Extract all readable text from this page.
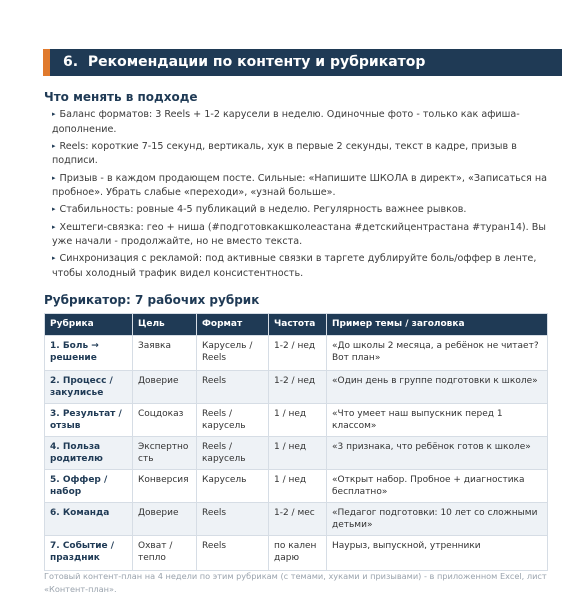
6. Рекомендации по контенту и рубрикатор
Что менять в подходе
▸ Баланс форматов: 3 Reels + 1-2 карусели в неделю. Одиночные фото - только как афиша-дополнение.
▸ Reels: короткие 7-15 секунд, вертикаль, хук в первые 2 секунды, текст в кадре, призыв в подписи.
▸ Призыв - в каждом продающем посте. Сильные: «Напишите ШКОЛА в директ», «Записаться на пробное». Убрать слабые «переходи», «узнай больше».
▸ Стабильность: ровные 4-5 публикаций в неделю. Регулярность важнее рывков.
▸ Хештеги-связка: гео + ниша (#подготовкакшколеастана #детскийцентрастана #туран14). Вы уже начали - продолжайте, но не вместо текста.
▸ Синхронизация с рекламой: под активные связки в таргете дублируйте боль/оффер в ленте, чтобы холодный трафик видел консистентность.
Рубрикатор: 7 рабочих рубрик
Рубрика	Цель	Формат	Частота	Пример темы / заголовка
1. Боль → решение	Заявка	Карусель / Reels	1-2 / нед	«До школы 2 месяца, а ребёнок не читает? Вот план»
2. Процесс / закулисье	Доверие	Reels	1-2 / нед	«Один день в группе подготовки к школе»
3. Результат / отзыв	Соцдоказ	Reels / карусель	1 / нед	«Что умеет наш выпускник перед 1 классом»
4. Польза родителю	Экспертно сть	Reels / карусель	1 / нед	«3 признака, что ребёнок готов к школе»
5. Оффер / набор	Конверсия	Карусель	1 / нед	«Открыт набор. Пробное + диагностика бесплатно»
6. Команда	Доверие	Reels	1-2 / мес	«Педагог подготовки: 10 лет со сложными детьми»
7. Событие / праздник	Охват / тепло	Reels	по кален дарю	Наурыз, выпускной, утренники
Готовый контент-план на 4 недели по этим рубрикам (с темами, хуками и призывами) - в приложенном Excel, лист «Контент-план».
